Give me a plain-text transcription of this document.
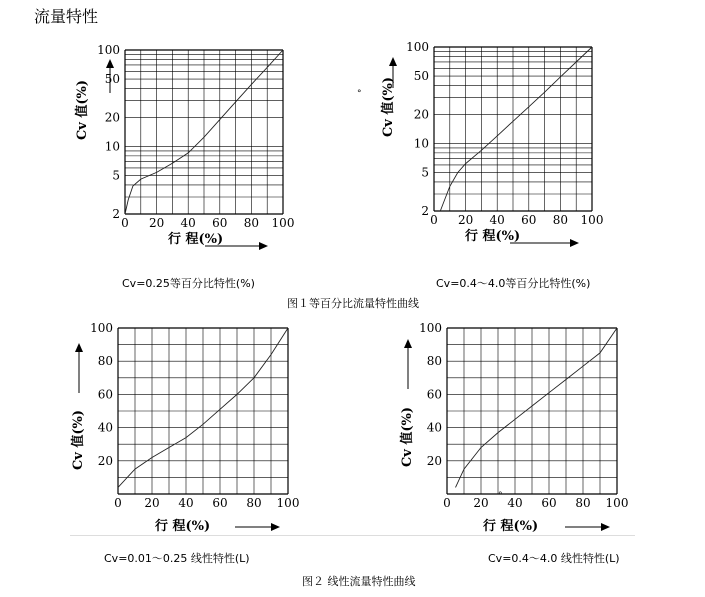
流量特性
0 20 40 60 80 100
2
5
10
20
50
100
Cv 值(%)
行 程(%)
0 20 40 60 80 100
2
5
10
20
50
100
Cv 值(%)
行 程(%)
0 20 40 60 80 100
20
40
60
80
100
Cv 值(%)
行 程(%)
0 20 40 60 80 100
20
40
60
80
100
Cv 值(%)
行 程(%)

Cv=0.25等百分比特性(%)	Cv=0.4～4.0等百分比特性(%)

图１等百分比流量特性曲线

Cv=0.01～0.25 线性特性(L)	Cv=0.4～4.0 线性特性(L)

图２ 线性流量特性曲线

°
°
